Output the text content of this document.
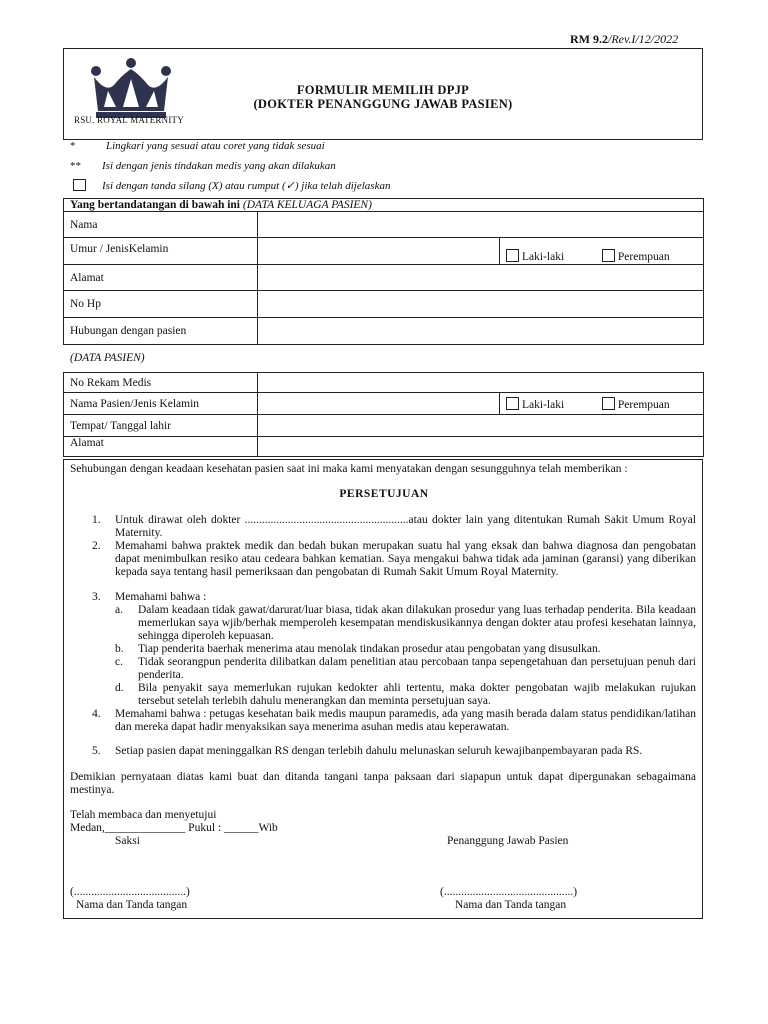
RM 9.2/Rev.I/12/2022
RSU. ROYAL MATERNITY
FORMULIR MEMILIH DPJP
(DOKTER PENANGGUNG JAWAB PASIEN)
*	Lingkari yang sesuai atau coret yang tidak sesuai
** Isi dengan jenis tindakan medis yang akan dilakukan
Isi dengan tanda silang (X) atau rumput (✓) jika telah dijelaskan
Yang bertandatangan di bawah ini (DATA KELUAGA PASIEN)		
Nama		
Umur / JenisKelamin		Laki-laki Perempuan
Alamat		
No Hp		
Hubungan dengan pasien		
(DATA PASIEN)
No Rekam Medis		
Nama Pasien/Jenis Kelamin		Laki-laki Perempuan
Tempat/ Tanggal lahir		
Alamat		
Sehubungan dengan keadaan kesehatan pasien saat ini maka kami menyatakan dengan sesungguhnya telah memberikan :
PERSETUJUAN
1. Untuk dirawat oleh dokter .........................................................atau dokter lain yang ditentukan Rumah Sakit Umum Royal Maternity.
2. Memahami bahwa praktek medik dan bedah bukan merupakan suatu hal yang eksak dan bahwa diagnosa dan pengobatan dapat menimbulkan resiko atau cedeara bahkan kematian. Saya mengakui bahwa tidak ada jaminan (garansi) yang diberikan kepada saya tentang hasil pemeriksaan dan pengobatan di Rumah Sakit Umum Royal Maternity.
3. Memahami bahwa :
a. Dalam keadaan tidak gawat/darurat/luar biasa, tidak akan dilakukan prosedur yang luas terhadap penderita. Bila keadaan memerlukan saya wjib/berhak memperoleh kesempatan mendiskusikannya dengan dokter atau profesi kesehatan lainnya, sehingga diperoleh kepuasan.
b. Tiap penderita baerhak menerima atau menolak tindakan prosedur atau pengobatan yang disusulkan.
c. Tidak seorangpun penderita dilibatkan dalam penelitian atau percobaan tanpa sepengetahuan dan persetujuan penuh dari penderita.
d. Bila penyakit saya memerlukan rujukan kedokter ahli tertentu, maka dokter pengobatan wajib melakukan rujukan tersebut setelah terlebih dahulu menerangkan dan meminta persetujuan saya.
4. Memahami bahwa : petugas kesehatan baik medis maupun paramedis, ada yang masih berada dalam status pendidikan/latihan dan mereka dapat hadir menyaksikan saya menerima asuhan medis atau keperawatan.
5. Setiap pasien dapat meninggalkan RS dengan terlebih dahulu melunaskan seluruh kewajibanpembayaran pada RS.
Demikian pernyataan diatas kami buat dan ditanda tangani tanpa paksaan dari siapapun untuk dapat dipergunakan sebagaimana mestinya.
Telah membaca dan menyetujui
Medan,______________ Pukul : ______Wib
Saksi	Penanggung Jawab Pasien
(.......................................)	(.............................................)
Nama dan Tanda tangan	Nama dan Tanda tangan
